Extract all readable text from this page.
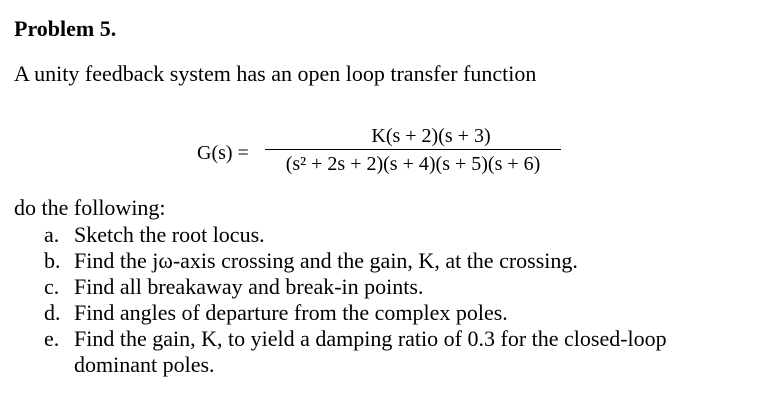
Problem 5.
A unity feedback system has an open loop transfer function
G(s) =
K(s + 2)(s + 3)
(s² + 2s + 2)(s + 4)(s + 5)(s + 6)
do the following:
a. Sketch the root locus.
b. Find the jω-axis crossing and the gain, K, at the crossing.
c. Find all breakaway and break-in points.
d. Find angles of departure from the complex poles.
e. Find the gain, K, to yield a damping ratio of 0.3 for the closed-loop dominant poles.
